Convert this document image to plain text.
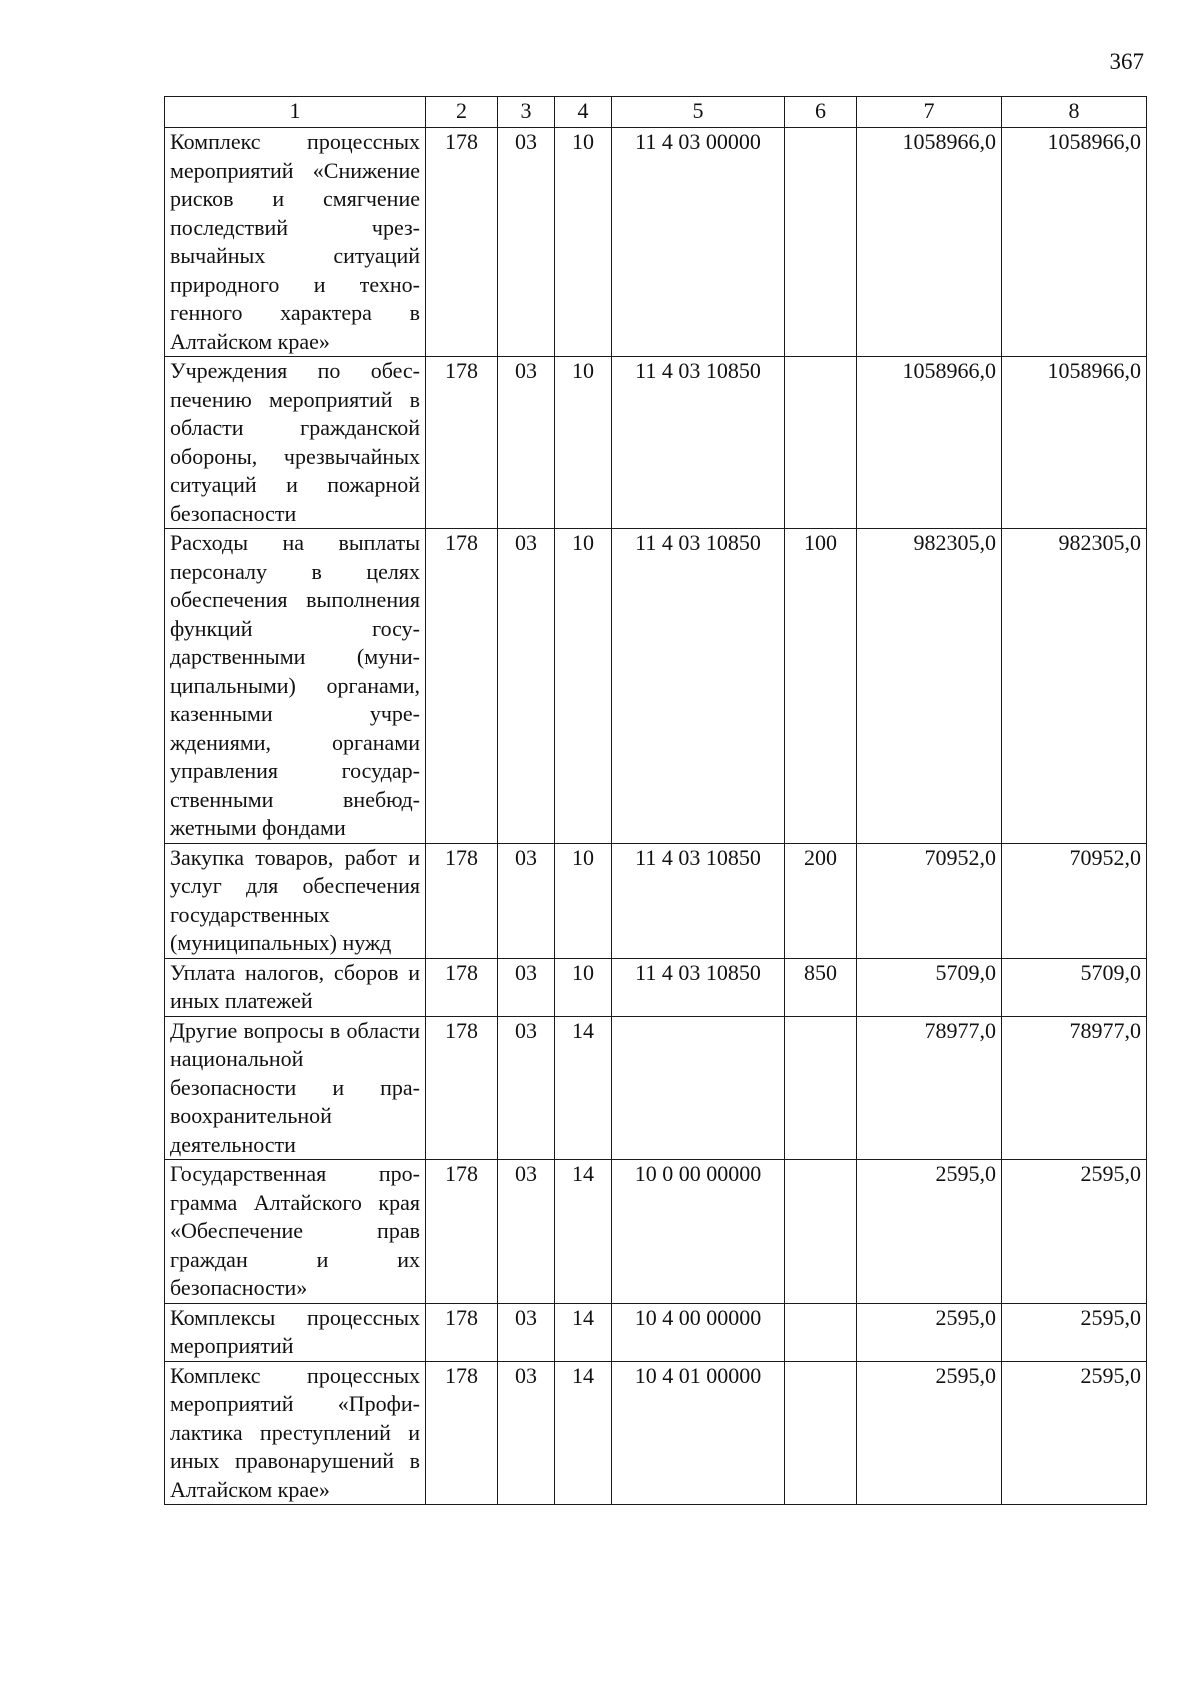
367
1	2	3	4	5	6	7	8
Комплекс процессных мероприятий «Снижение рисков и смягчение последствий чрезвычайных ситуаций природного и техногенного характера в Алтайском крае»	178	03	10	11 4 03 00000		1058966,0	1058966,0
Учреждения по обеспечению мероприятий в области гражданской обороны, чрезвычайных ситуаций и пожарной безопасности	178	03	10	11 4 03 10850		1058966,0	1058966,0
Расходы на выплаты персоналу в целях обеспечения выполнения функций государственными (муниципальными) органами, казенными учреждениями, органами управления государственными внебюджетными фондами	178	03	10	11 4 03 10850	100	982305,0	982305,0
Закупка товаров, работ и услуг для обеспечения государственных (муниципальных) нужд	178	03	10	11 4 03 10850	200	70952,0	70952,0
Уплата налогов, сборов и иных платежей	178	03	10	11 4 03 10850	850	5709,0	5709,0
Другие вопросы в области национальной безопасности и правоохранительной деятельности	178	03	14			78977,0	78977,0
Государственная программа Алтайского края «Обеспечение прав граждан и их безопасности»	178	03	14	10 0 00 00000		2595,0	2595,0
Комплексы процессных мероприятий	178	03	14	10 4 00 00000		2595,0	2595,0
Комплекс процессных мероприятий «Профилактика преступлений и иных правонарушений в Алтайском крае»	178	03	14	10 4 01 00000		2595,0	2595,0
